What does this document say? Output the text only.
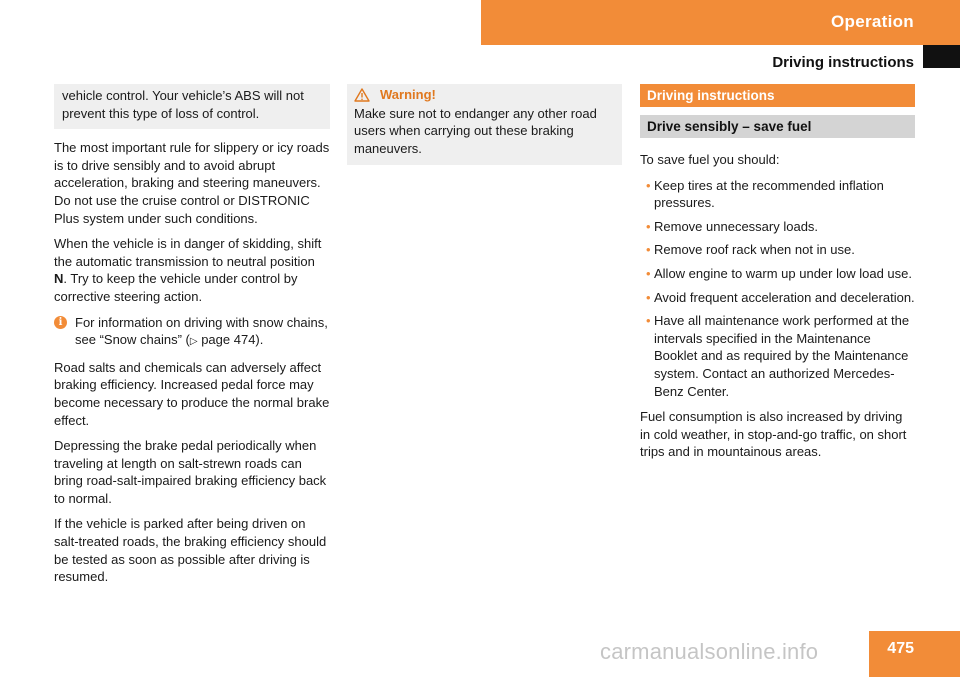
Operation
Driving instructions
vehicle control. Your vehicle’s ABS will not prevent this type of loss of control.

The most important rule for slippery or icy roads is to drive sensibly and to avoid abrupt acceleration, braking and steering maneuvers. Do not use the cruise control or DISTRONIC Plus system under such conditions.

When the vehicle is in danger of skidding, shift the automatic transmission to neutral position N. Try to keep the vehicle under control by corrective steering action.

i For information on driving with snow chains, see “Snow chains” (▷ page 474).

Road salts and chemicals can adversely affect braking efficiency. Increased pedal force may become necessary to produce the normal brake effect.

Depressing the brake pedal periodically when traveling at length on salt-strewn roads can bring road-salt-impaired braking efficiency back to normal.

If the vehicle is parked after being driven on salt-treated roads, the braking efficiency should be tested as soon as possible after driving is resumed.

Warning!
Make sure not to endanger any other road users when carrying out these braking maneuvers.
Driving instructions
Drive sensibly – save fuel

To save fuel you should:

• Keep tires at the recommended inflation pressures.
• Remove unnecessary loads.
• Remove roof rack when not in use.
• Allow engine to warm up under low load use.
• Avoid frequent acceleration and deceleration.
• Have all maintenance work performed at the intervals specified in the Maintenance Booklet and as required by the Maintenance system. Contact an authorized Mercedes-Benz Center.

Fuel consumption is also increased by driving in cold weather, in stop-and-go traffic, on short trips and in mountainous areas.

carmanualsonline.info	475
